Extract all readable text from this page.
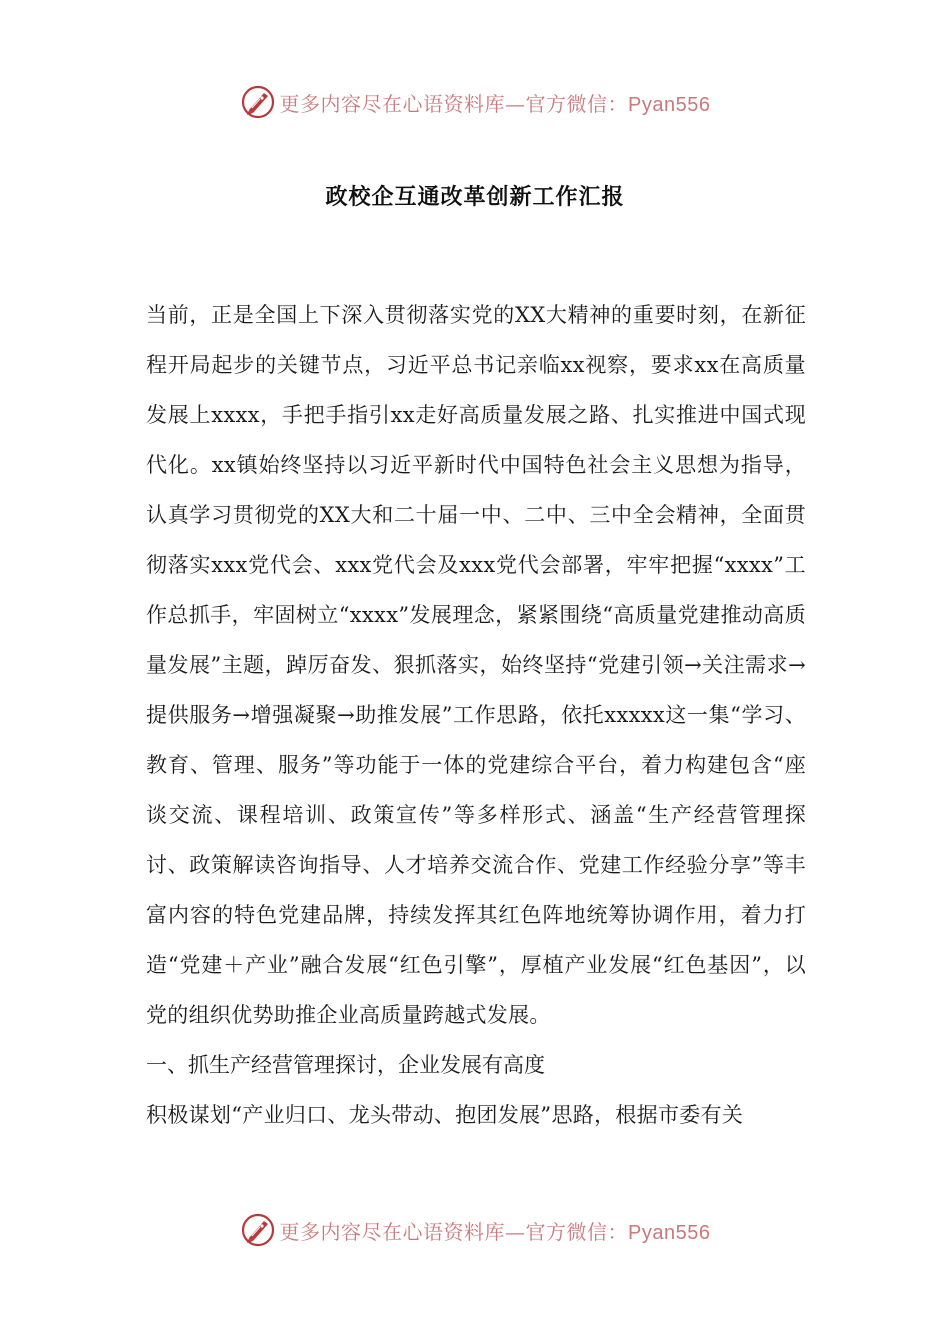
更多内容尽在心语资料库—官方微信：Pyan556
政校企互通改革创新工作汇报

当前，正是全国上下深入贯彻落实党的XX大精神的重要时刻，在新征程开局起步的关键节点，习近平总书记亲临xx视察，要求xx在高质量发展上xxxx，手把手指引xx走好高质量发展之路、扎实推进中国式现代化。xx镇始终坚持以习近平新时代中国特色社会主义思想为指导，认真学习贯彻党的XX大和二十届一中、二中、三中全会精神，全面贯彻落实xxx党代会、xxx党代会及xxx党代会部署，牢牢把握“xxxx”工作总抓手，牢固树立“xxxx”发展理念，紧紧围绕“高质量党建推动高质量发展”主题，踔厉奋发、狠抓落实，始终坚持“党建引领→关注需求→提供服务→增强凝聚→助推发展”工作思路，依托xxxxx这一集“学习、教育、管理、服务”等功能于一体的党建综合平台，着力构建包含“座谈交流、课程培训、政策宣传”等多样形式、涵盖“生产经营管理探讨、政策解读咨询指导、人才培养交流合作、党建工作经验分享”等丰富内容的特色党建品牌，持续发挥其红色阵地统筹协调作用，着力打造“党建＋产业”融合发展“红色引擎”，厚植产业发展“红色基因”，以党的组织优势助推企业高质量跨越式发展。

一、抓生产经营管理探讨，企业发展有高度

积极谋划“产业归口、龙头带动、抱团发展”思路，根据市委有关

更多内容尽在心语资料库—官方微信：Pyan556
